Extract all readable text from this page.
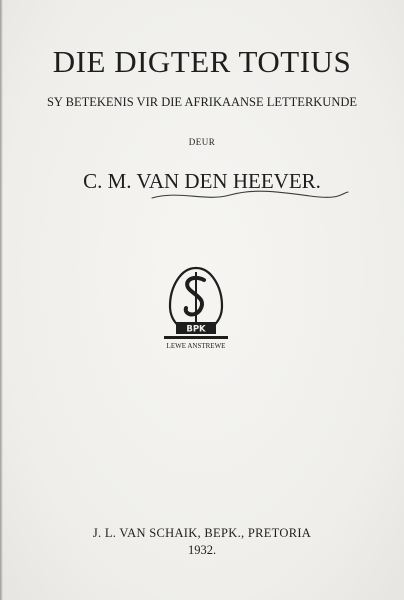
DIE DIGTER TOTIUS
SY BETEKENIS VIR DIE AFRIKAANSE LETTERKUNDE
DEUR
C. M. VAN DEN HEEVER.
BPK
LEWE ANSTREWE
J. L. VAN SCHAIK, BEPK., PRETORIA
1932.
